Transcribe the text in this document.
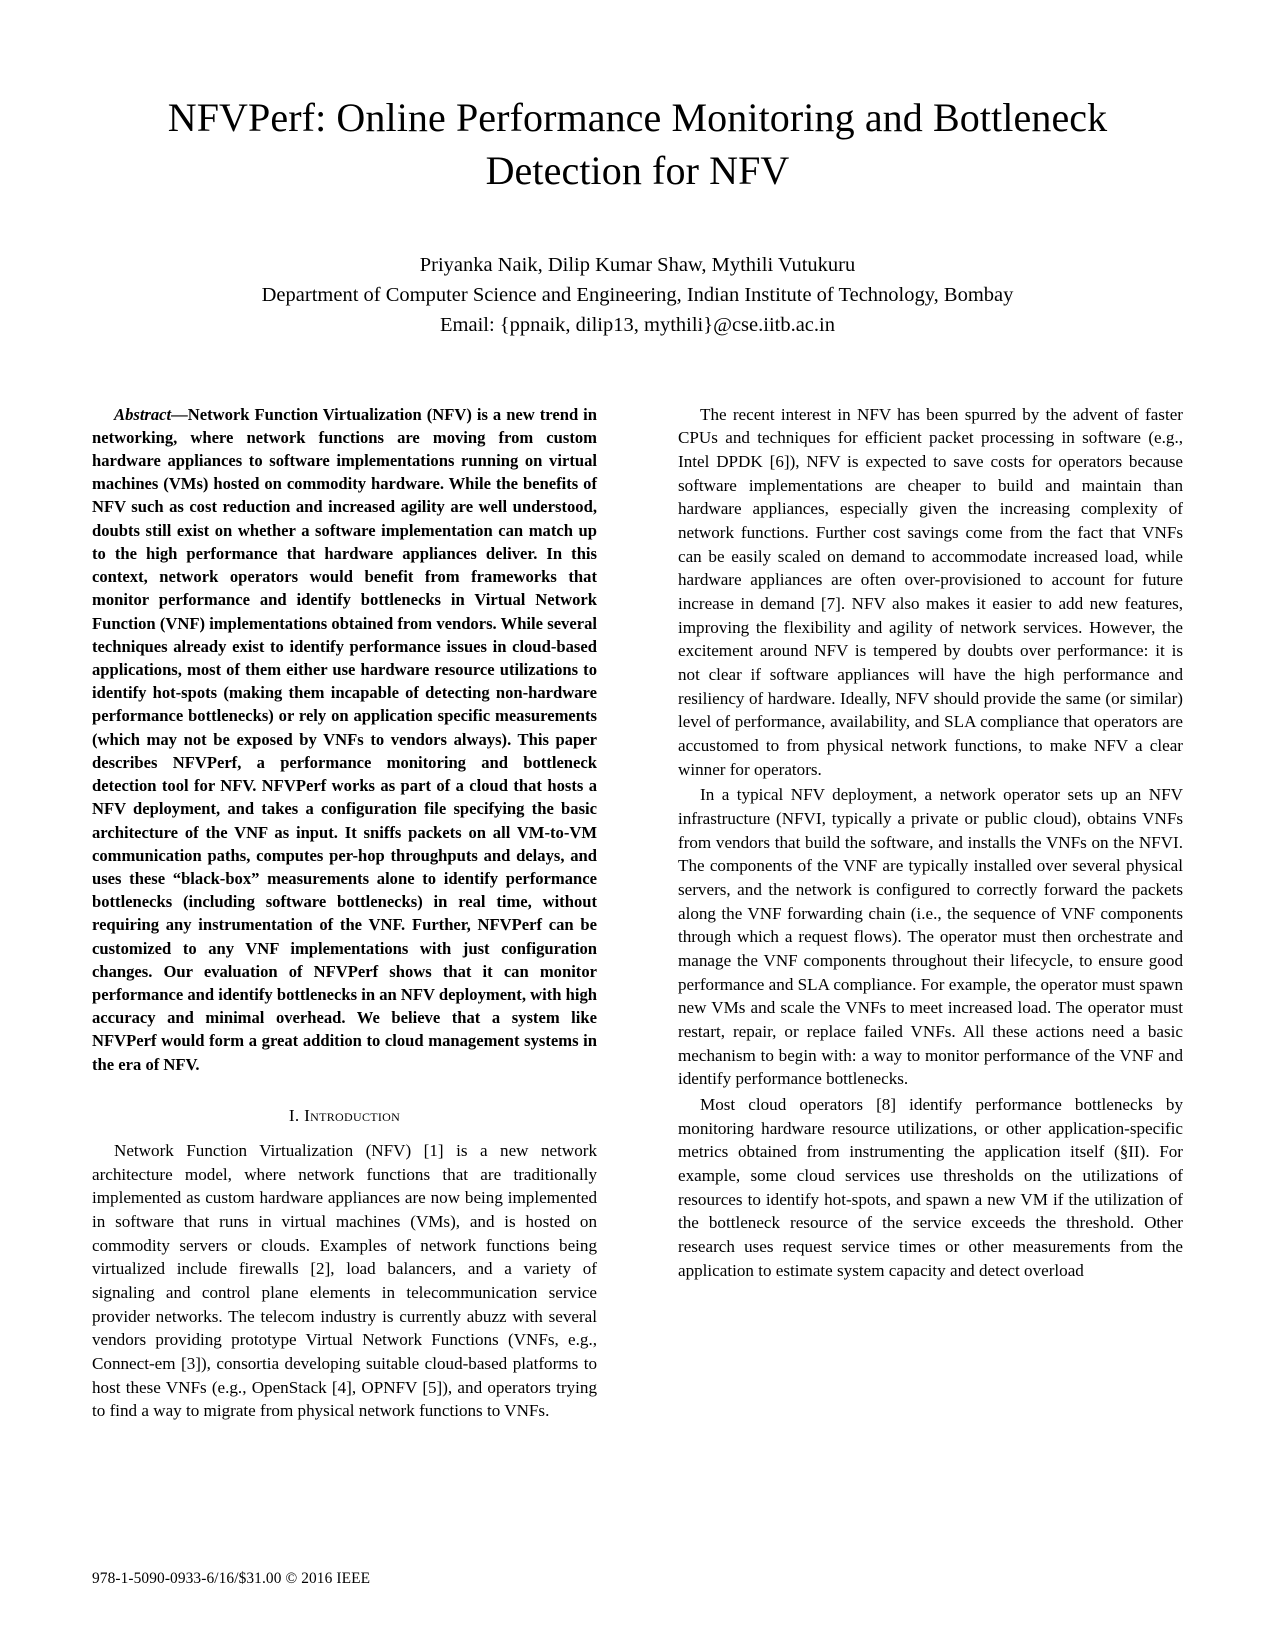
NFVPerf: Online Performance Monitoring and Bottleneck Detection for NFV
Priyanka Naik, Dilip Kumar Shaw, Mythili Vutukuru
Department of Computer Science and Engineering, Indian Institute of Technology, Bombay
Email: {ppnaik, dilip13, mythili}@cse.iitb.ac.in

Abstract—Network Function Virtualization (NFV) is a new trend in networking, where network functions are moving from custom hardware appliances to software implementations running on virtual machines (VMs) hosted on commodity hardware. While the benefits of NFV such as cost reduction and increased agility are well understood, doubts still exist on whether a software implementation can match up to the high performance that hardware appliances deliver. In this context, network operators would benefit from frameworks that monitor performance and identify bottlenecks in Virtual Network Function (VNF) implementations obtained from vendors. While several techniques already exist to identify performance issues in cloud-based applications, most of them either use hardware resource utilizations to identify hot-spots (making them incapable of detecting non-hardware performance bottlenecks) or rely on application specific measurements (which may not be exposed by VNFs to vendors always). This paper describes NFVPerf, a performance monitoring and bottleneck detection tool for NFV. NFVPerf works as part of a cloud that hosts a NFV deployment, and takes a configuration file specifying the basic architecture of the VNF as input. It sniffs packets on all VM-to-VM communication paths, computes per-hop throughputs and delays, and uses these “black-box” measurements alone to identify performance bottlenecks (including software bottlenecks) in real time, without requiring any instrumentation of the VNF. Further, NFVPerf can be customized to any VNF implementations with just configuration changes. Our evaluation of NFVPerf shows that it can monitor performance and identify bottlenecks in an NFV deployment, with high accuracy and minimal overhead. We believe that a system like NFVPerf would form a great addition to cloud management systems in the era of NFV.

I. Introduction

Network Function Virtualization (NFV) [1] is a new network architecture model, where network functions that are traditionally implemented as custom hardware appliances are now being implemented in software that runs in virtual machines (VMs), and is hosted on commodity servers or clouds. Examples of network functions being virtualized include firewalls [2], load balancers, and a variety of signaling and control plane elements in telecommunication service provider networks. The telecom industry is currently abuzz with several vendors providing prototype Virtual Network Functions (VNFs, e.g., Connect-em [3]), consortia developing suitable cloud-based platforms to host these VNFs (e.g., OpenStack [4], OPNFV [5]), and operators trying to find a way to migrate from physical network functions to VNFs.

The recent interest in NFV has been spurred by the advent of faster CPUs and techniques for efficient packet processing in software (e.g., Intel DPDK [6]), NFV is expected to save costs for operators because software implementations are cheaper to build and maintain than hardware appliances, especially given the increasing complexity of network functions. Further cost savings come from the fact that VNFs can be easily scaled on demand to accommodate increased load, while hardware appliances are often over-provisioned to account for future increase in demand [7]. NFV also makes it easier to add new features, improving the flexibility and agility of network services. However, the excitement around NFV is tempered by doubts over performance: it is not clear if software appliances will have the high performance and resiliency of hardware. Ideally, NFV should provide the same (or similar) level of performance, availability, and SLA compliance that operators are accustomed to from physical network functions, to make NFV a clear winner for operators.

In a typical NFV deployment, a network operator sets up an NFV infrastructure (NFVI, typically a private or public cloud), obtains VNFs from vendors that build the software, and installs the VNFs on the NFVI. The components of the VNF are typically installed over several physical servers, and the network is configured to correctly forward the packets along the VNF forwarding chain (i.e., the sequence of VNF components through which a request flows). The operator must then orchestrate and manage the VNF components throughout their lifecycle, to ensure good performance and SLA compliance. For example, the operator must spawn new VMs and scale the VNFs to meet increased load. The operator must restart, repair, or replace failed VNFs. All these actions need a basic mechanism to begin with: a way to monitor performance of the VNF and identify performance bottlenecks.

Most cloud operators [8] identify performance bottlenecks by monitoring hardware resource utilizations, or other application-specific metrics obtained from instrumenting the application itself (§II). For example, some cloud services use thresholds on the utilizations of resources to identify hot-spots, and spawn a new VM if the utilization of the bottleneck resource of the service exceeds the threshold. Other research uses request service times or other measurements from the application to estimate system capacity and detect overload

978-1-5090-0933-6/16/$31.00 © 2016 IEEE
